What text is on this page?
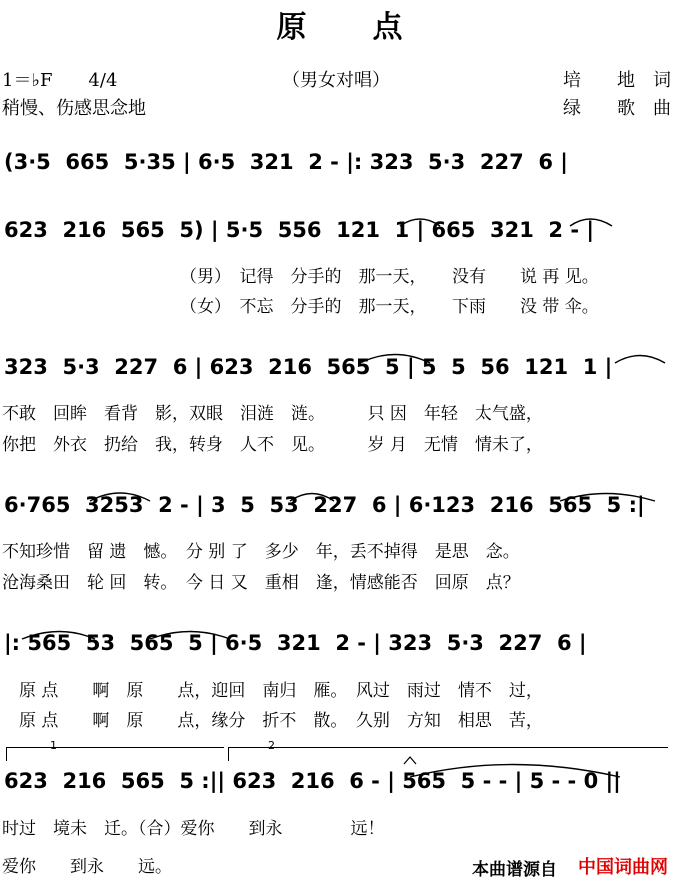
原　　点
1＝♭F　　4/4	（男女对唱）	培　　地　词
稍慢、伤感思念地	绿　　歌　曲
(3·5  665  5·35 | 6·5  321  2 - |: 323  5·3  227  6 |
623  216  565  5) | 5·5  556  121  1 | 665  321  2 - |
323  5·3  227  6 | 623  216  565  5 | 5  5  56  121  1 |
6·765  3253  2 - | 3  5  53  227  6 | 6·123  216  565  5 :|
|: 565  53  565  5 | 6·5  321  2 - | 323  5·3  227  6 |
623  216  565  5 :|| 623  216  6 - | 565  5 - - | 5 - - 0 ||
1	2
（男）　记得　分手的　那一天，　　没有　　说 再 见。
（女）　不忘　分手的　那一天，　　下雨　　没 带 伞。
不敢　回眸　看背　影，双眼　泪涟　涟。　　　只 因　年轻　太气盛，
你把　外衣　扔给　我，转身　人不　见。　　　岁 月　无情　情未了，
不知珍惜　留 遗　憾。　分 别 了　多少　年，丢不掉得　是思　念。
沧海桑田　轮 回　转。　今 日 又　重相　逢，情感能否　回原　点？
　原 点　　啊　原　　点，迎回　南归　雁。　风过　雨过　情不　过，
　原 点　　啊　原　　点，缘分　折不　散。　久别　方知　相思　苦，
时过　境未　迁。（合）爱你　　到永　　　　远！
爱你　　到永　　远。	本曲谱源自 中国词曲网
